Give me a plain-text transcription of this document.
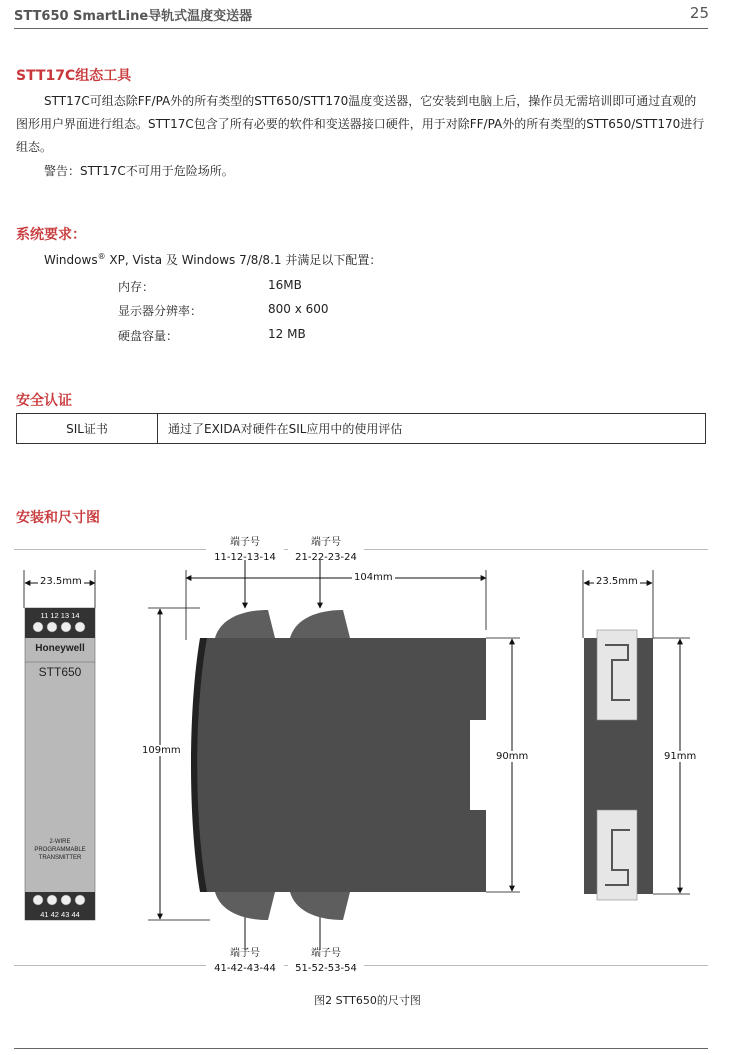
STT650 SmartLine导轨式温度变送器	25
STT17C组态工具

STT17C可组态除FF/PA外的所有类型的STT650/STT170温度变送器，它安装到电脑上后，操作员无需培训即可通过直观的图形用户界面进行组态。STT17C包含了所有必要的软件和变送器接口硬件，用于对除FF/PA外的所有类型的STT650/STT170进行组态。

警告：STT17C不可用于危险场所。
系统要求：
Windows® XP, Vista 及 Windows 7/8/8.1 并满足以下配置：
内存：	16MB
显示器分辨率：	800 x 600
硬盘容量：	12 MB
安全认证
SIL证书	通过了EXIDA对硬件在SIL应用中的使用评估
安装和尺寸图
端子号
11-12-13-14
端子号
21-22-23-24
端子号
41-42-43-44
端子号
51-52-53-54
23.5mm
11 12 13 14
Honeywell
STT650
2-WIRE
PROGRAMMABLE
TRANSMITTER
41 42 43 44
104mm
109mm
90mm
23.5mm
91mm
图2 STT650的尺寸图
